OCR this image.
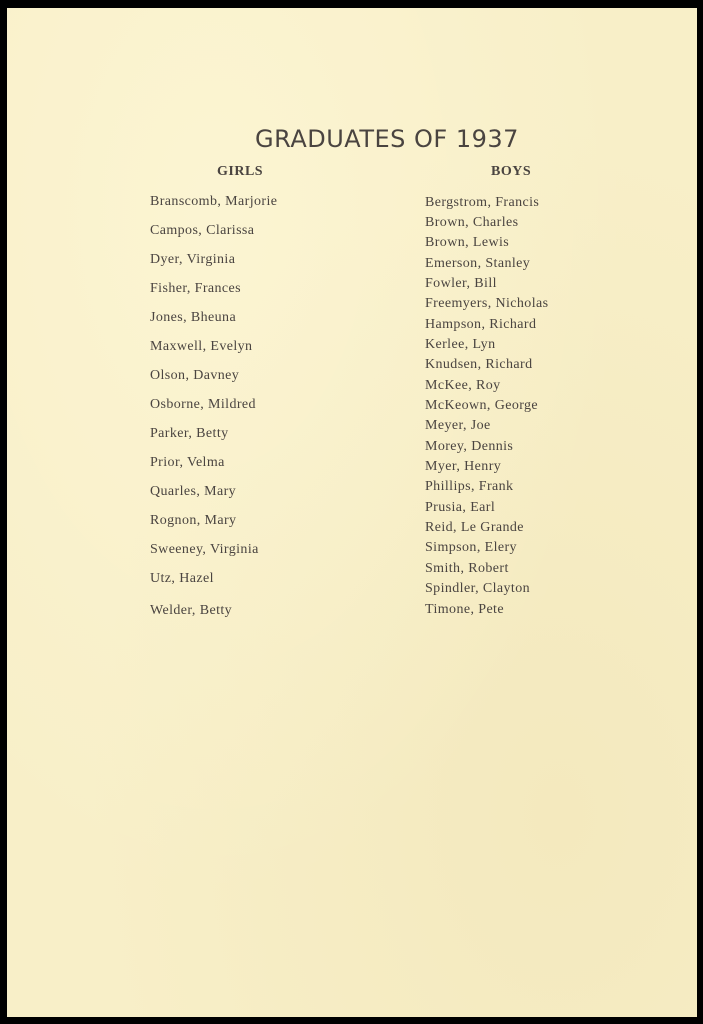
GRADUATES OF 1937
GIRLS	BOYS
Branscomb, Marjorie
Campos, Clarissa
Dyer, Virginia
Fisher, Frances
Jones, Bheuna
Maxwell, Evelyn
Olson, Davney
Osborne, Mildred
Parker, Betty
Prior, Velma
Quarles, Mary
Rognon, Mary
Sweeney, Virginia
Utz, Hazel
Welder, Betty
Bergstrom, Francis
Brown, Charles
Brown, Lewis
Emerson, Stanley
Fowler, Bill
Freemyers, Nicholas
Hampson, Richard
Kerlee, Lyn
Knudsen, Richard
McKee, Roy
McKeown, George
Meyer, Joe
Morey, Dennis
Myer, Henry
Phillips, Frank
Prusia, Earl
Reid, Le Grande
Simpson, Elery
Smith, Robert
Spindler, Clayton
Timone, Pete
